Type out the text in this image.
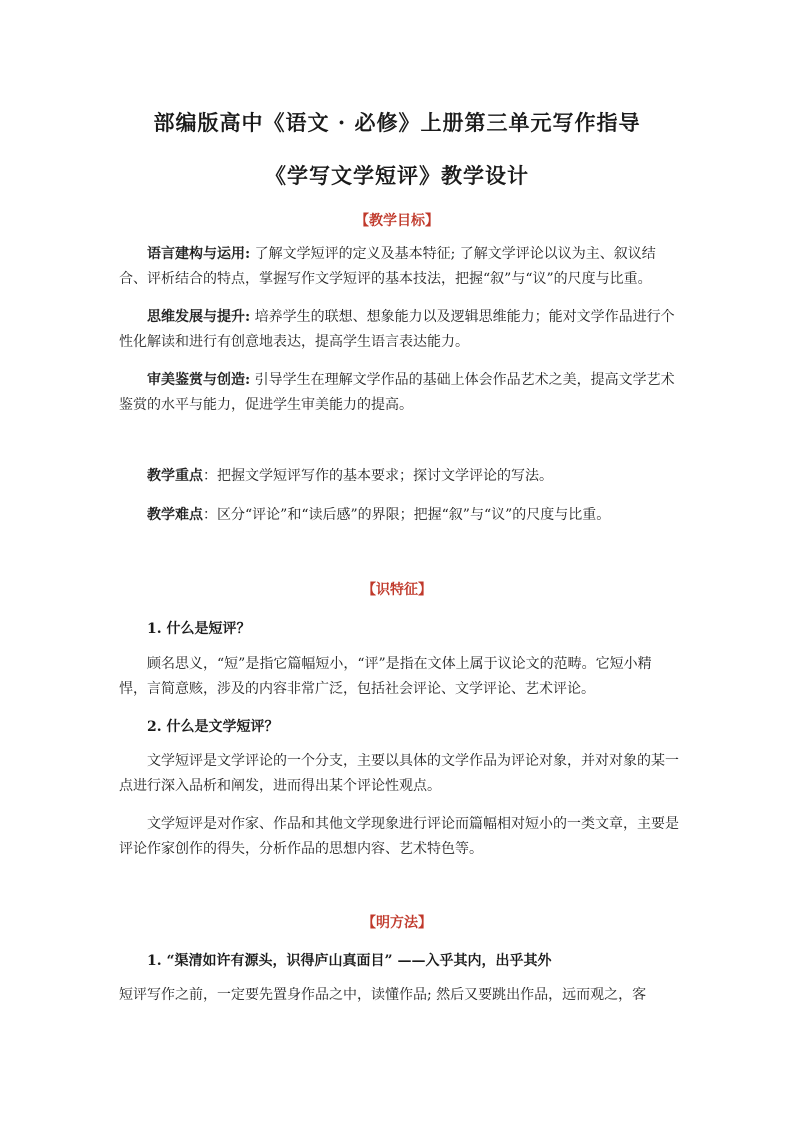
部编版高中《语文 · 必修》上册第三单元写作指导
《学写文学短评》教学设计
【教学目标】

语言建构与运用: 了解文学短评的定义及基本特征; 了解文学评论以议为主、叙议结合、评析结合的特点，掌握写作文学短评的基本技法，把握“叙”与“议”的尺度与比重。

思维发展与提升: 培养学生的联想、想象能力以及逻辑思维能力；能对文学作品进行个性化解读和进行有创意地表达，提高学生语言表达能力。

审美鉴赏与创造: 引导学生在理解文学作品的基础上体会作品艺术之美，提高文学艺术鉴赏的水平与能力，促进学生审美能力的提高。

教学重点：把握文学短评写作的基本要求；探讨文学评论的写法。

教学难点：区分“评论”和“读后感”的界限；把握“叙”与“议”的尺度与比重。

【识特征】
1. 什么是短评？

顾名思义，“短”是指它篇幅短小，“评”是指在文体上属于议论文的范畴。它短小精悍，言简意赅，涉及的内容非常广泛，包括社会评论、文学评论、艺术评论。

2. 什么是文学短评？

文学短评是文学评论的一个分支，主要以具体的文学作品为评论对象，并对对象的某一点进行深入品析和阐发，进而得出某个评论性观点。

文学短评是对作家、作品和其他文学现象进行评论而篇幅相对短小的一类文章，主要是评论作家创作的得失，分析作品的思想内容、艺术特色等。

【明方法】
1. “渠清如许有源头，识得庐山真面目” ——入乎其内，出乎其外

短评写作之前，一定要先置身作品之中，读懂作品; 然后又要跳出作品，远而观之，客
